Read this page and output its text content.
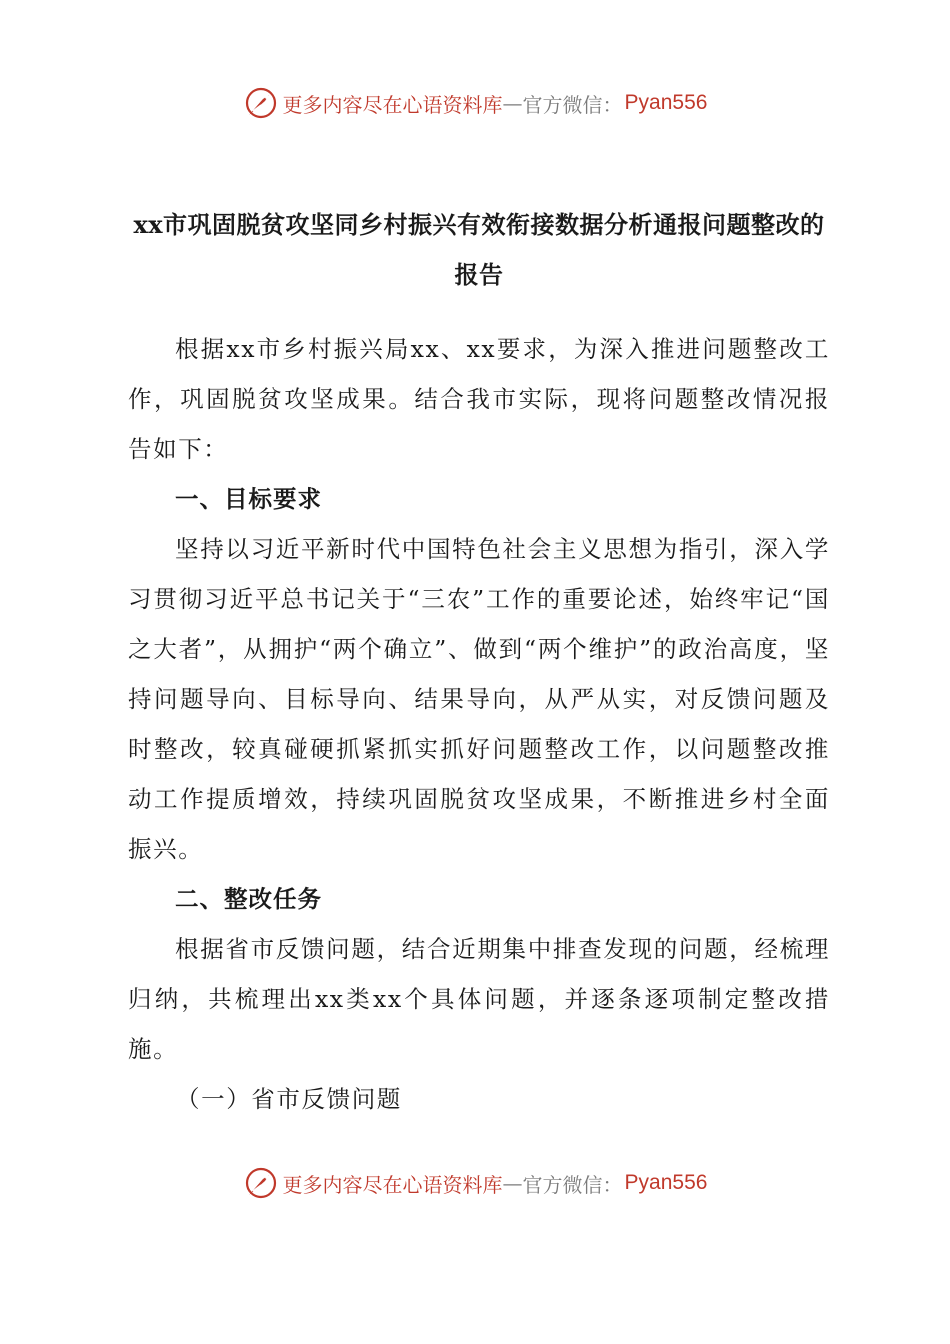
更多内容尽在心语资料库 — 官方微信： Pyan556
xx市巩固脱贫攻坚同乡村振兴有效衔接数据分析通报问题整改的报告

根据xx市乡村振兴局xx、xx要求，为深入推进问题整改工作，巩固脱贫攻坚成果。结合我市实际，现将问题整改情况报告如下：

一、目标要求

坚持以习近平新时代中国特色社会主义思想为指引，深入学习贯彻习近平总书记关于“三农”工作的重要论述，始终牢记“国之大者”，从拥护“两个确立”、做到“两个维护”的政治高度，坚持问题导向、目标导向、结果导向，从严从实，对反馈问题及时整改，较真碰硬抓紧抓实抓好问题整改工作，以问题整改推动工作提质增效，持续巩固脱贫攻坚成果，不断推进乡村全面振兴。

二、整改任务

根据省市反馈问题，结合近期集中排查发现的问题，经梳理归纳，共梳理出xx类xx个具体问题，并逐条逐项制定整改措施。

（一）省市反馈问题
更多内容尽在心语资料库 — 官方微信： Pyan556
